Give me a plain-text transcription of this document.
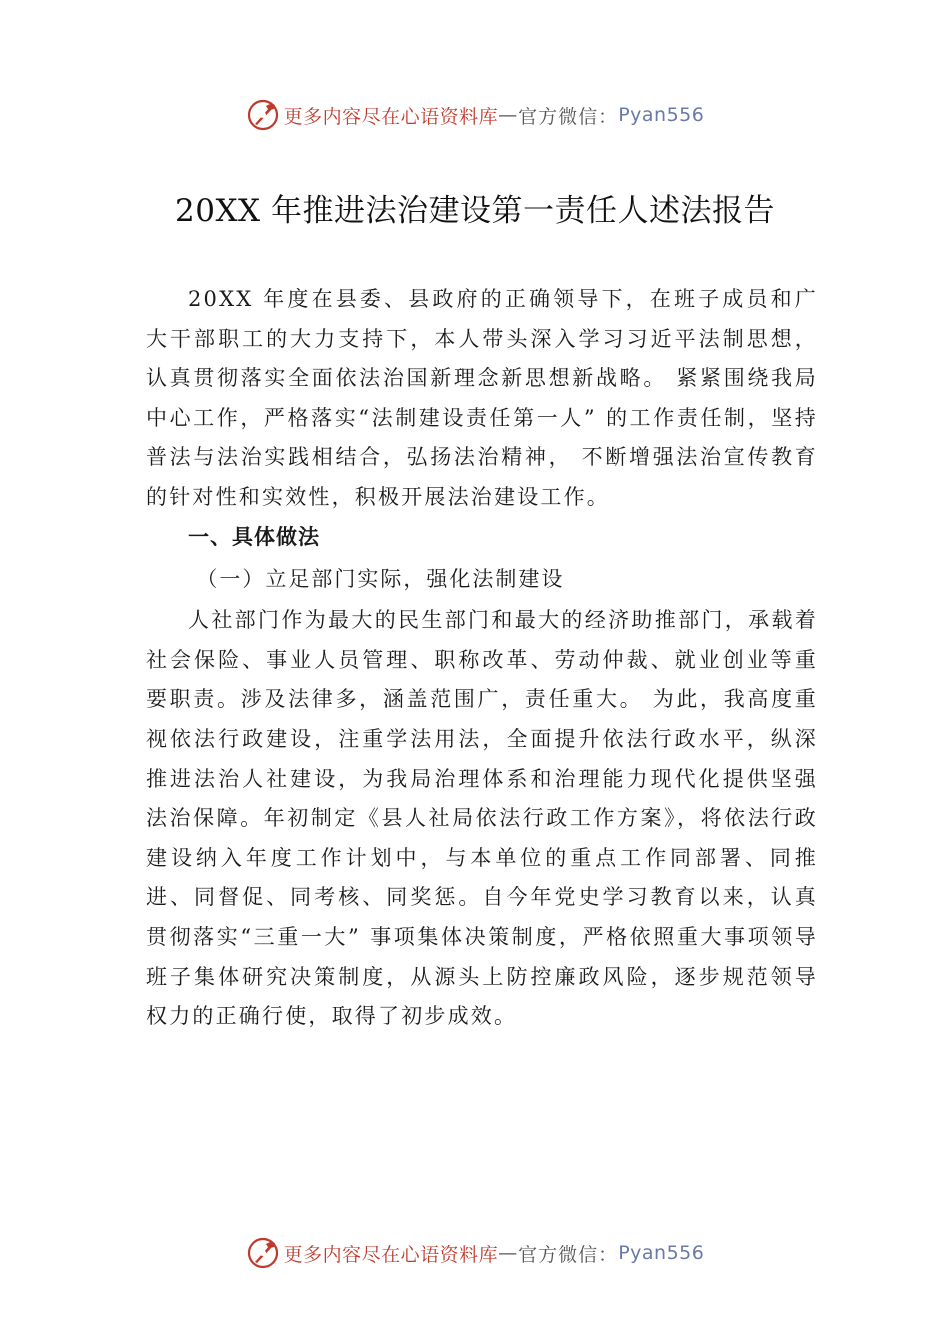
更多内容尽在心语资料库 — 官方微信： Pyan556
20XX 年推进法治建设第一责任人述法报告

20XX 年度在县委、县政府的正确领导下，在班子成员和广大干部职工的大力支持下，本人带头深入学习习近平法制思想，认真贯彻落实全面依法治国新理念新思想新战略。 紧紧围绕我局中心工作，严格落实“法制建设责任第一人” 的工作责任制，坚持普法与法治实践相结合，弘扬法治精神， 不断增强法治宣传教育的针对性和实效性，积极开展法治建设工作。

一、具体做法

（一）立足部门实际，强化法制建设

人社部门作为最大的民生部门和最大的经济助推部门，承载着社会保险、事业人员管理、职称改革、劳动仲裁、就业创业等重要职责。涉及法律多，涵盖范围广，责任重大。 为此，我高度重视依法行政建设，注重学法用法，全面提升依法行政水平，纵深推进法治人社建设，为我局治理体系和治理能力现代化提供坚强法治保障。年初制定《县人社局依法行政工作方案》，将依法行政建设纳入年度工作计划中，与本单位的重点工作同部署、同推进、同督促、同考核、同奖惩。自今年党史学习教育以来，认真贯彻落实“三重一大” 事项集体决策制度，严格依照重大事项领导班子集体研究决策制度，从源头上防控廉政风险，逐步规范领导权力的正确行使，取得了初步成效。

更多内容尽在心语资料库 — 官方微信： Pyan556
